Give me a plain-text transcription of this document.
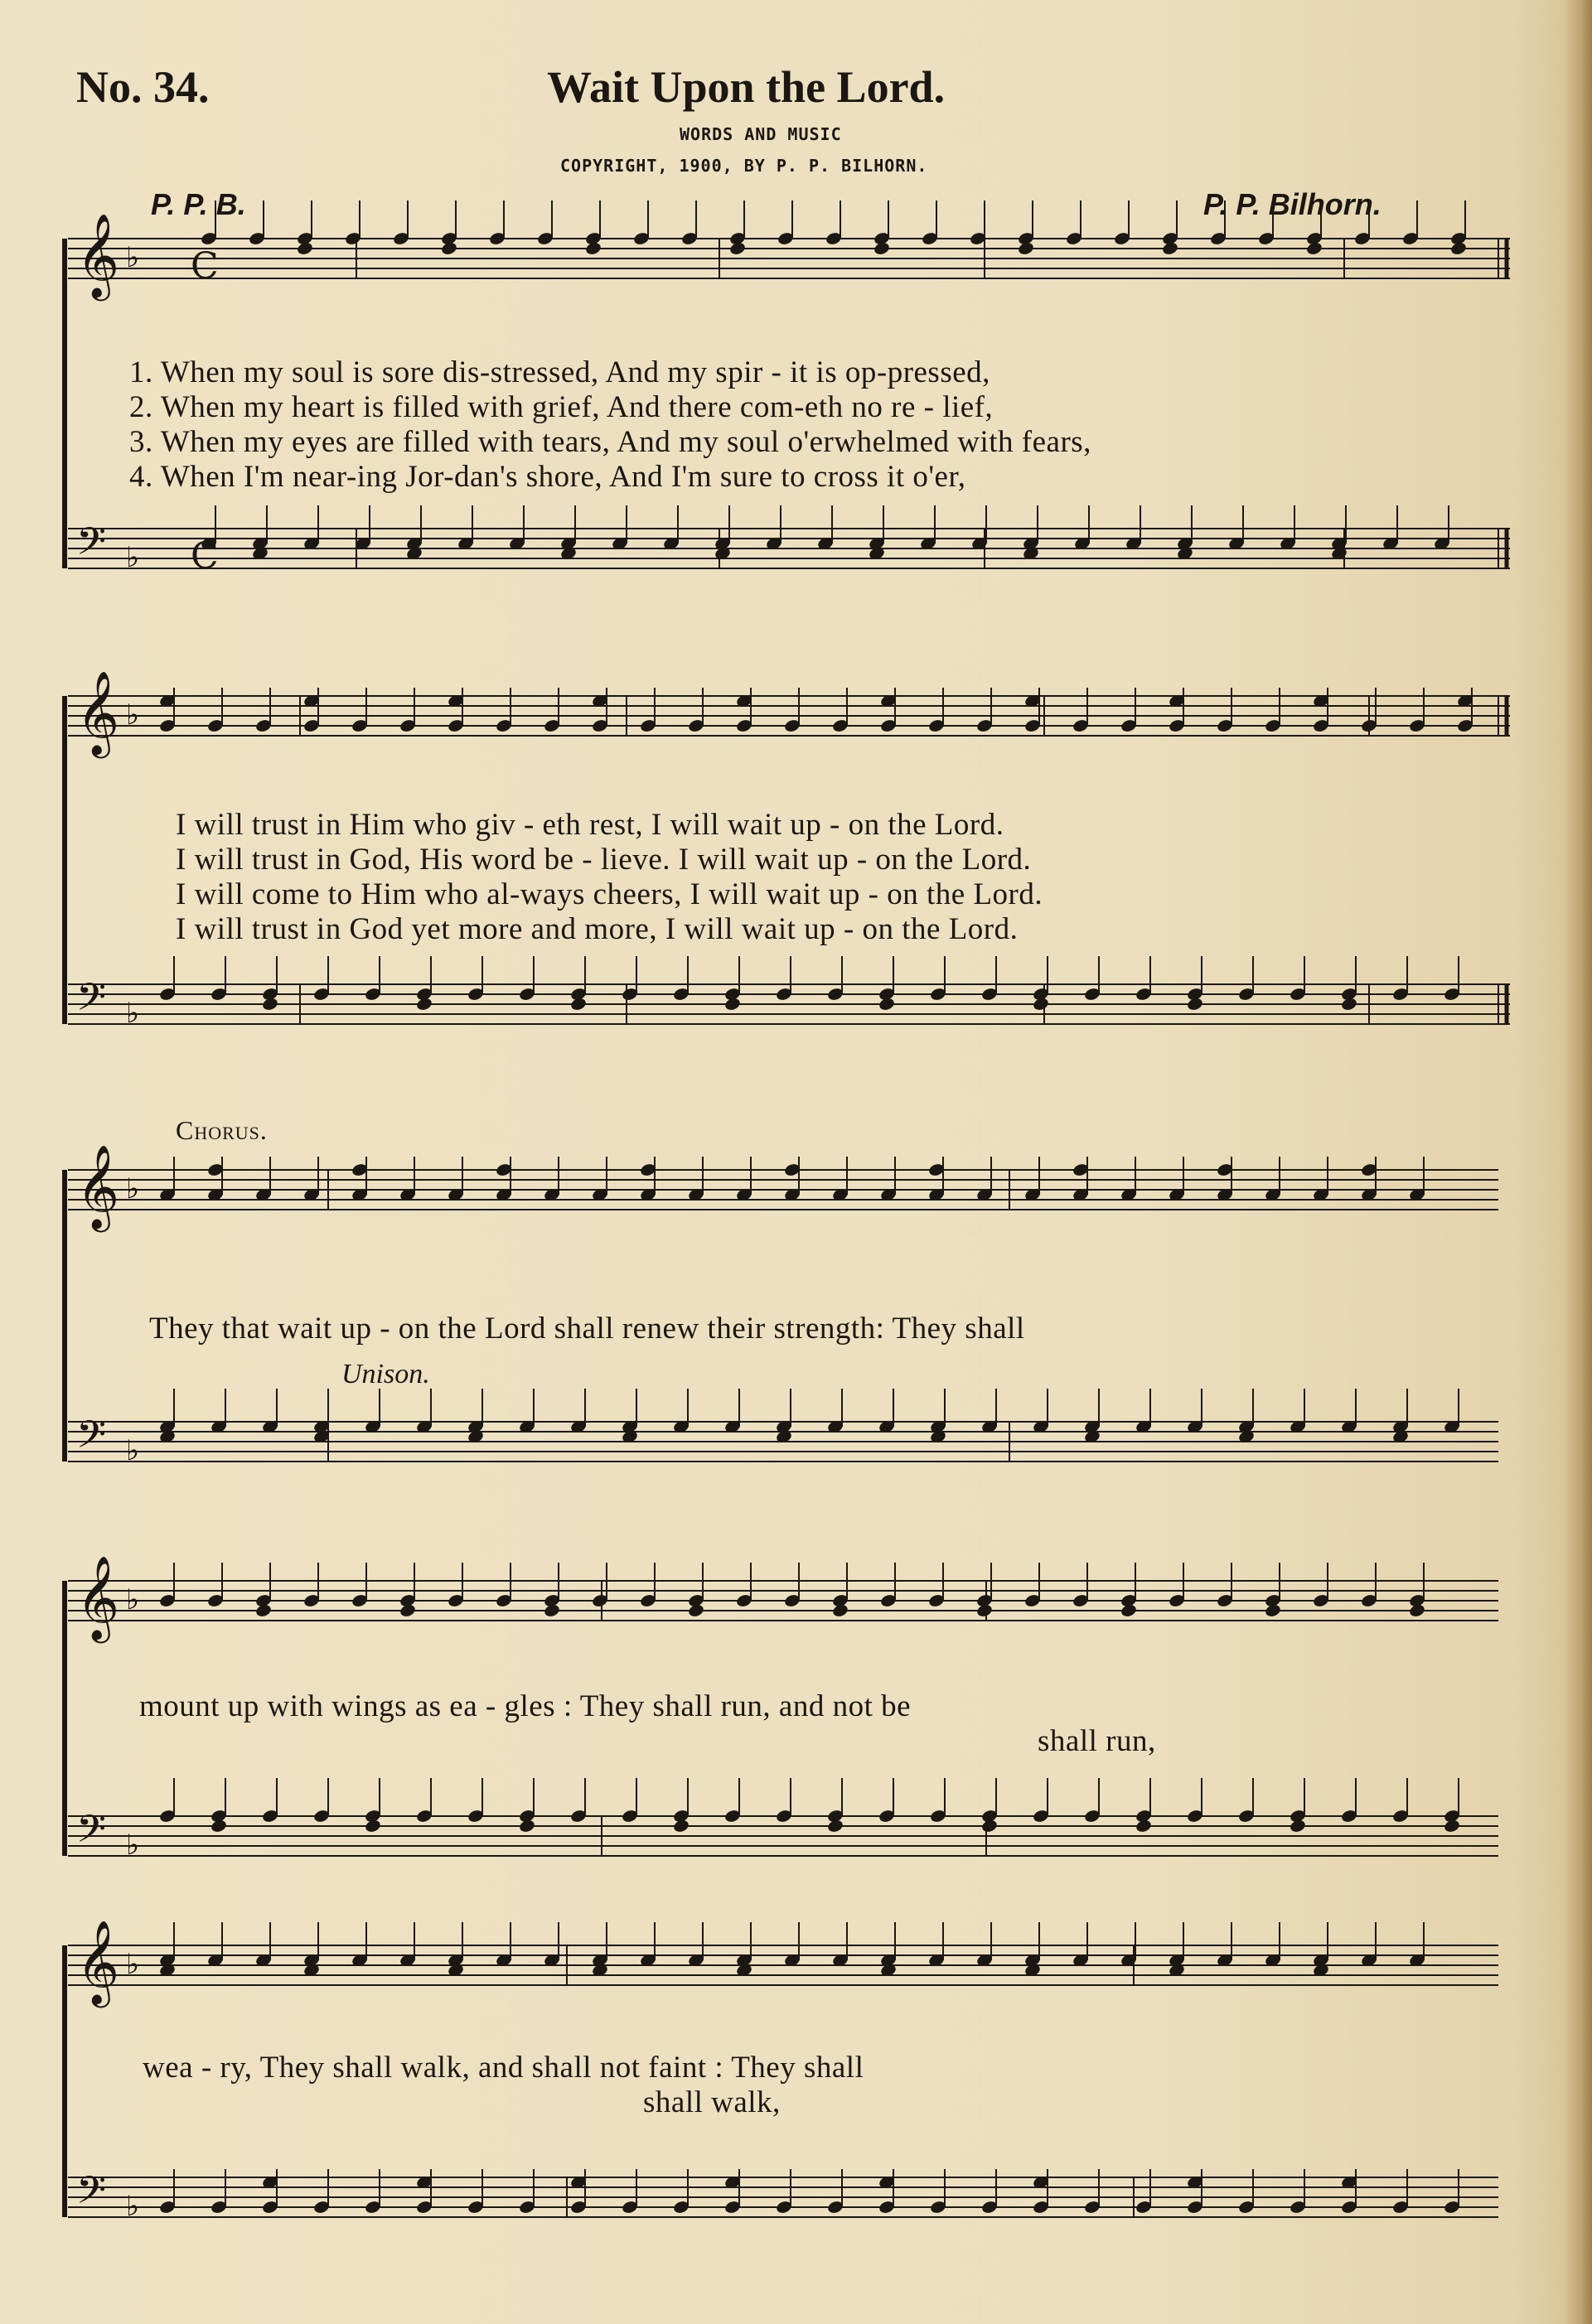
No. 34.	Wait Upon the Lord.
WORDS AND MUSIC
COPYRIGHT, 1900, BY P. P. BILHORN.
P. P. B.	P. P. Bilhorn.
1. When my soul is sore dis-stressed, And my spir - it is op-pressed,
2. When my heart is filled with grief, And there com-eth no re - lief,
3. When my eyes are filled with tears, And my soul o'erwhelmed with fears,
4. When I'm near-ing Jor-dan's shore, And I'm sure to cross it o'er,
I will trust in Him who giv - eth rest, I will wait up - on the Lord.
I will trust in God, His word be - lieve. I will wait up - on the Lord.
I will come to Him who al-ways cheers, I will wait up - on the Lord.
I will trust in God yet more and more, I will wait up - on the Lord.
Chorus.
They that wait up - on the Lord shall renew their strength: They shall
Unison.
mount up with wings as ea - gles : They shall run, and not be
shall run,
wea - ry, They shall walk, and shall not faint : They shall
shall walk,
𝄞 ♭
𝄢 ♭
𝄞 ♭
𝄢 ♭
𝄞 ♭
𝄢 ♭
𝄞 ♭
𝄢 ♭
𝄞 ♭
𝄢 ♭
C
C
